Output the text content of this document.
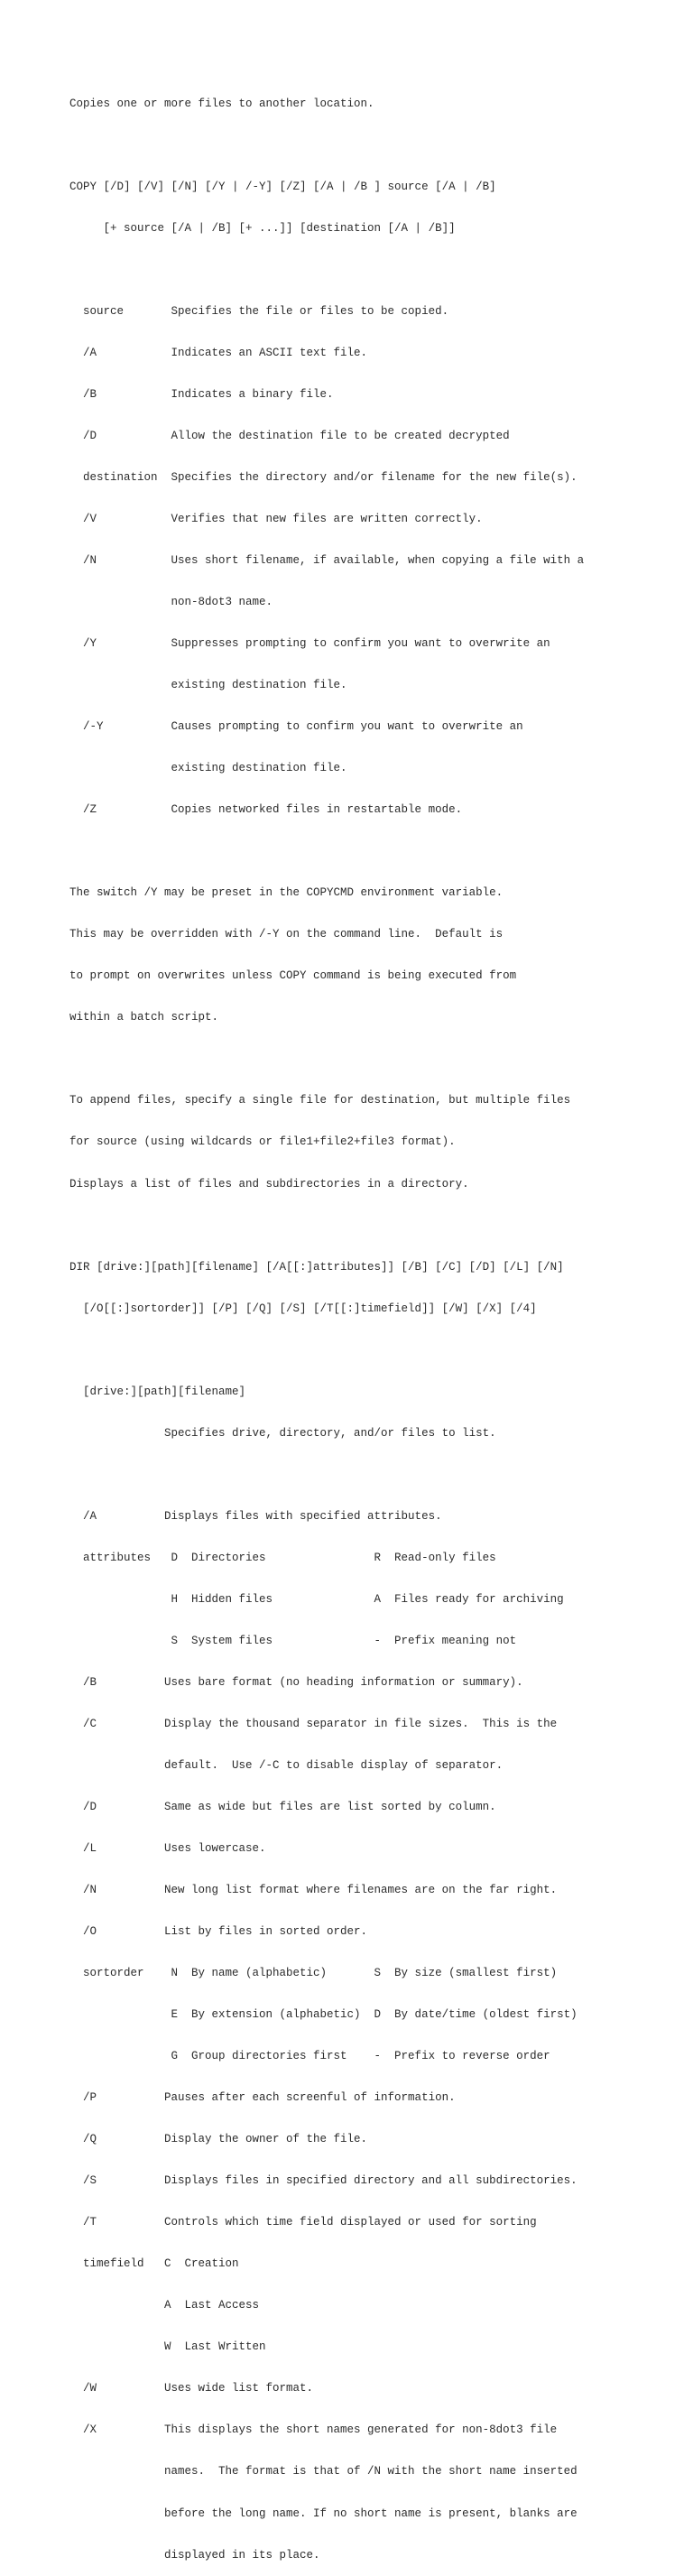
Copies one or more files to another location.

COPY [/D] [/V] [/N] [/Y | /-Y] [/Z] [/A | /B ] source [/A | /B]

[+ source [/A | /B] [+ ...]] [destination [/A | /B]]

source       Specifies the file or files to be copied.

/A           Indicates an ASCII text file.

/B           Indicates a binary file.

/D           Allow the destination file to be created decrypted

destination  Specifies the directory and/or filename for the new file(s).

/V           Verifies that new files are written correctly.

/N           Uses short filename, if available, when copying a file with a

non-8dot3 name.

/Y           Suppresses prompting to confirm you want to overwrite an

existing destination file.

/-Y          Causes prompting to confirm you want to overwrite an

existing destination file.

/Z           Copies networked files in restartable mode.

The switch /Y may be preset in the COPYCMD environment variable.

This may be overridden with /-Y on the command line.  Default is

to prompt on overwrites unless COPY command is being executed from

within a batch script.

To append files, specify a single file for destination, but multiple files

for source (using wildcards or file1+file2+file3 format).

Displays a list of files and subdirectories in a directory.

DIR [drive:][path][filename] [/A[[:]attributes]] [/B] [/C] [/D] [/L] [/N]

[/O[[:]sortorder]] [/P] [/Q] [/S] [/T[[:]timefield]] [/W] [/X] [/4]

[drive:][path][filename]

Specifies drive, directory, and/or files to list.

/A          Displays files with specified attributes.

attributes   D  Directories                R  Read-only files

H  Hidden files               A  Files ready for archiving

S  System files               -  Prefix meaning not

/B          Uses bare format (no heading information or summary).

/C          Display the thousand separator in file sizes.  This is the

default.  Use /-C to disable display of separator.

/D          Same as wide but files are list sorted by column.

/L          Uses lowercase.

/N          New long list format where filenames are on the far right.

/O          List by files in sorted order.

sortorder    N  By name (alphabetic)       S  By size (smallest first)

E  By extension (alphabetic)  D  By date/time (oldest first)

G  Group directories first    -  Prefix to reverse order

/P          Pauses after each screenful of information.

/Q          Display the owner of the file.

/S          Displays files in specified directory and all subdirectories.

/T          Controls which time field displayed or used for sorting

timefield   C  Creation

A  Last Access

W  Last Written

/W          Uses wide list format.

/X          This displays the short names generated for non-8dot3 file

names.  The format is that of /N with the short name inserted

before the long name. If no short name is present, blanks are

displayed in its place.
